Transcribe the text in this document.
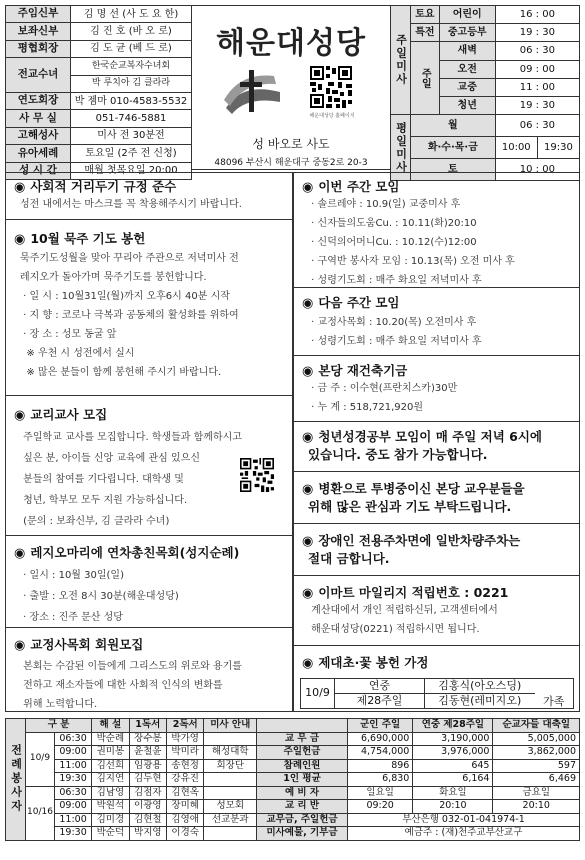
주임신부	김 명 선 (사 도 요 한)
보좌신부	김 진 호 (바 오 로)
평협회장	김 도 균 (베 드 로)
전교수녀	한국순교복자수녀회
	박 루치아 김 클라라
연도회장	박 젬마 010-4583-5532
사 무 실	051-746-5881
고해성사	미사 전 30분전
유아세례	토요일 (2주 전 신청)
성 시 간	매월 첫목요일 20:00
해운대성당
해운대성당 홈페이지
성 바오로 사도
48096 부산시 해운대구 중동2로 20-3
주일미사	토요	어린이	16 : 00	
	특전	중고등부	19 : 30	
	주일	새벽	06 : 30	
		오전	09 : 00	
		교중	11 : 00	
		청년	19 : 30	
평일미사	월		06 : 30	
	화·수·목·금		10:00	19:30
	토		10 : 00	
◉ 사회적 거리두기 규정 준수
성전 내에서는 마스크를 꼭 착용해주시기 바랍니다.
◉ 10월 묵주 기도 봉헌
묵주기도성월을 맞아 꾸리아 주관으로 저녁미사 전
레지오가 돌아가며 묵주기도를 봉헌합니다.
· 일 시 : 10월31일(월)까지 오후6시 40분 시작
· 지 향 : 코로나 극복과 공동체의 활성화를 위하여
· 장 소 : 성모 동굴 앞
※ 우천 시 성전에서 실시
※ 많은 분들이 함께 봉헌해 주시기 바랍니다.
◉ 교리교사 모집
주일학교 교사를 모집합니다. 학생들과 함께하시고
싶은 분, 아이들 신앙 교육에 관심 있으신
분들의 참여를 기다립니다. 대학생 및
청년, 학부모 모두 지원 가능하십니다.
(문의 : 보좌신부, 김 클라라 수녀)
◉ 레지오마리에 연차총친목회(성지순례)
· 일시 : 10월 30일(일)
· 출발 : 오전 8시 30분(해운대성당)
· 장소 : 진주 문산 성당
◉ 교정사목회 회원모집
본회는 수감된 이들에게 그리스도의 위로와 용기를
전하고 재소자들에 대한 사회적 인식의 변화를
위해 노력합니다.
◉ 이번 주간 모임
· 솔르레야 : 10.9(일) 교중미사 후
· 신자들의도움Cu. : 10.11(화)20:10
· 신덕의어머니Cu. : 10.12(수)12:00
· 구역반 봉사자 모임 : 10.13(목) 오전 미사 후
· 성령기도회 : 매주 화요일 저녁미사 후
◉ 다음 주간 모임
· 교정사목회 : 10.20(목) 오전미사 후
· 성령기도회 : 매주 화요일 저녁미사 후
◉ 본당 재건축기금
· 금 주 : 이수현(프란치스카)30만
· 누 계 : 518,721,920원
◉ 청년성경공부 모임이 매 주일 저녁 6시에
있습니다. 중도 참가 가능합니다.
◉ 병환으로 투병중이신 본당 교우분들을
위해 많은 관심과 기도 부탁드립니다.
◉ 장애인 전용주차면에 일반차량주차는
절대 금합니다.
◉ 이마트 마일리지 적립번호 : 0221
계산대에서 개인 적립하신뒤, 고객센터에서
해운대성당(0221) 적립하시면 됩니다.
◉ 제대초·꽃 봉헌 가정
10/9	연중	김홍식(아오스딩)	가족
	제28주일	김동현(레미지오)	
전례봉사자	구 분		해 설	1독서	2독서	미사 안내		군인 주일	연중 제28주일	순교자들 대축일
	10/9	06:30	박순례	장수봉	박가영		교 무 금	6,690,000	3,190,000	5,005,000
		09:00	권미봉	윤철윤	박미라	해성대학	주일헌금	4,754,000	3,976,000	3,862,000
		11:00	김선희	임광용	송현정	회장단	참례인원	896	645	597
		19:30	김지연	김두현	강유진		1인 평균	6,830	6,164	6,469
	10/16	06:30	김남영	김점자	김현옥		예 비 자	일요일	화요일	금요일
		09:00	박원석	이광영	장미혜	성모회	교 리 반	09:20	20:10	20:10
		11:00	김미경	김현철	김영애	선교분과	교무금, 주일헌금	부산은행 032-01-041974-1		
		19:30	박순덕	박지영	이경숙		미사예물, 기부금	예금주 : (재)천주교부산교구		
